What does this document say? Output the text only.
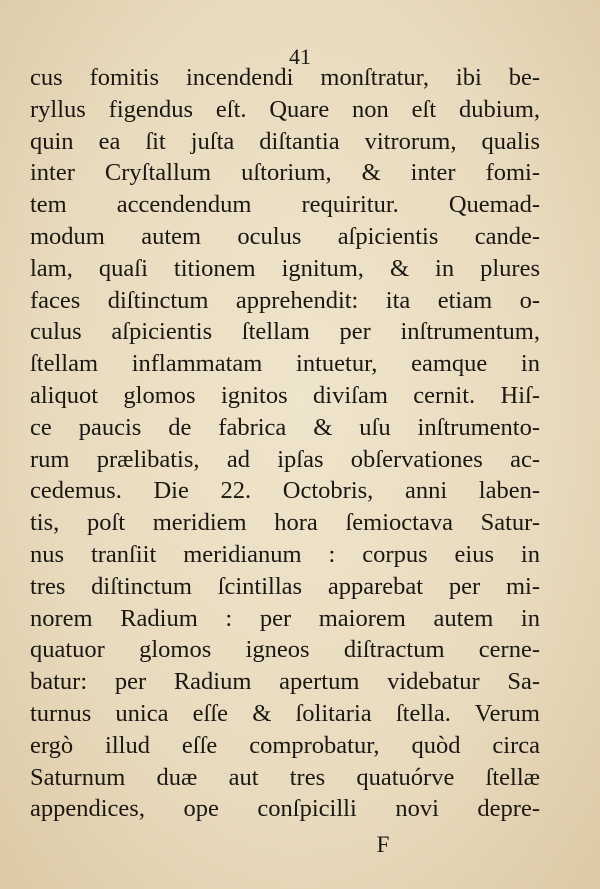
41
cus fomitis incendendi monſtratur, ibi be-
ryllus figendus eſt. Quare non eſt dubium,
quin ea ſit juſta diſtantia vitrorum, qualis
inter Cryſtallum uſtorium, & inter fomi-
tem accendendum requiritur. Quemad-
modum autem oculus aſpicientis cande-
lam, quaſi titionem ignitum, & in plures
faces diſtinctum apprehendit: ita etiam o-
culus aſpicientis ſtellam per inſtrumentum,
ſtellam inflammatam intuetur, eamque in
aliquot glomos ignitos diviſam cernit. Hiſ-
ce paucis de fabrica & uſu inſtrumento-
rum prælibatis, ad ipſas obſervationes ac-
cedemus. Die 22. Octobris, anni laben-
tis, poſt meridiem hora ſemioctava Satur-
nus tranſiit meridianum : corpus eius in
tres diſtinctum ſcintillas apparebat per mi-
norem Radium : per maiorem autem in
quatuor glomos igneos diſtractum cerne-
batur: per Radium apertum videbatur Sa-
turnus unica eſſe & ſolitaria ſtella. Verum
ergò illud eſſe comprobatur, quòd circa
Saturnum duæ aut tres quatuórve ſtellæ
appendices, ope conſpicilli novi depre-
F
